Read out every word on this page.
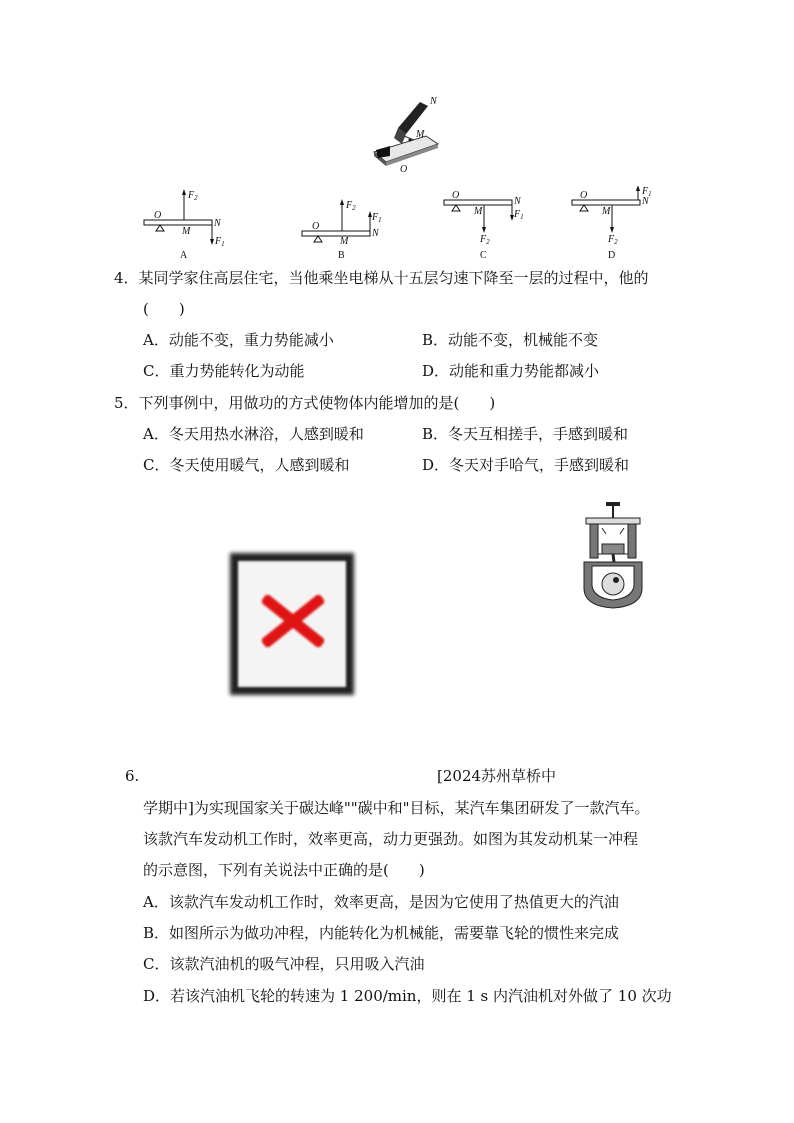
N
M
O
O
M
N
$F_2$
$F_1$
A
O
M
N
$F_2$
$F_1$
B
O
M
N
$F_2$
$F_1$
C
O
M
N
$F_2$
$F_1$
D
4．某同学家住高层住宅，当他乘坐电梯从十五层匀速下降至一层的过程中，他的
(　　)
A．动能不变，重力势能减小	B．动能不变，机械能不变
C．重力势能转化为动能	D．动能和重力势能都减小
5．下列事例中，用做功的方式使物体内能增加的是(　　)
A．冬天用热水淋浴，人感到暖和	B．冬天互相搓手，手感到暖和
C．冬天使用暖气，人感到暖和	D．冬天对手哈气，手感到暖和
6.	[2024苏州草桥中
学期中]为实现国家关于碳达峰""碳中和"目标，某汽车集团研发了一款汽车。
该款汽车发动机工作时，效率更高，动力更强劲。如图为其发动机某一冲程
的示意图，下列有关说法中正确的是(　　)
A．该款汽车发动机工作时，效率更高，是因为它使用了热值更大的汽油
B．如图所示为做功冲程，内能转化为机械能，需要靠飞轮的惯性来完成
C．该款汽油机的吸气冲程，只用吸入汽油
D．若该汽油机飞轮的转速为 1 200/min，则在 1 s 内汽油机对外做了 10 次功
